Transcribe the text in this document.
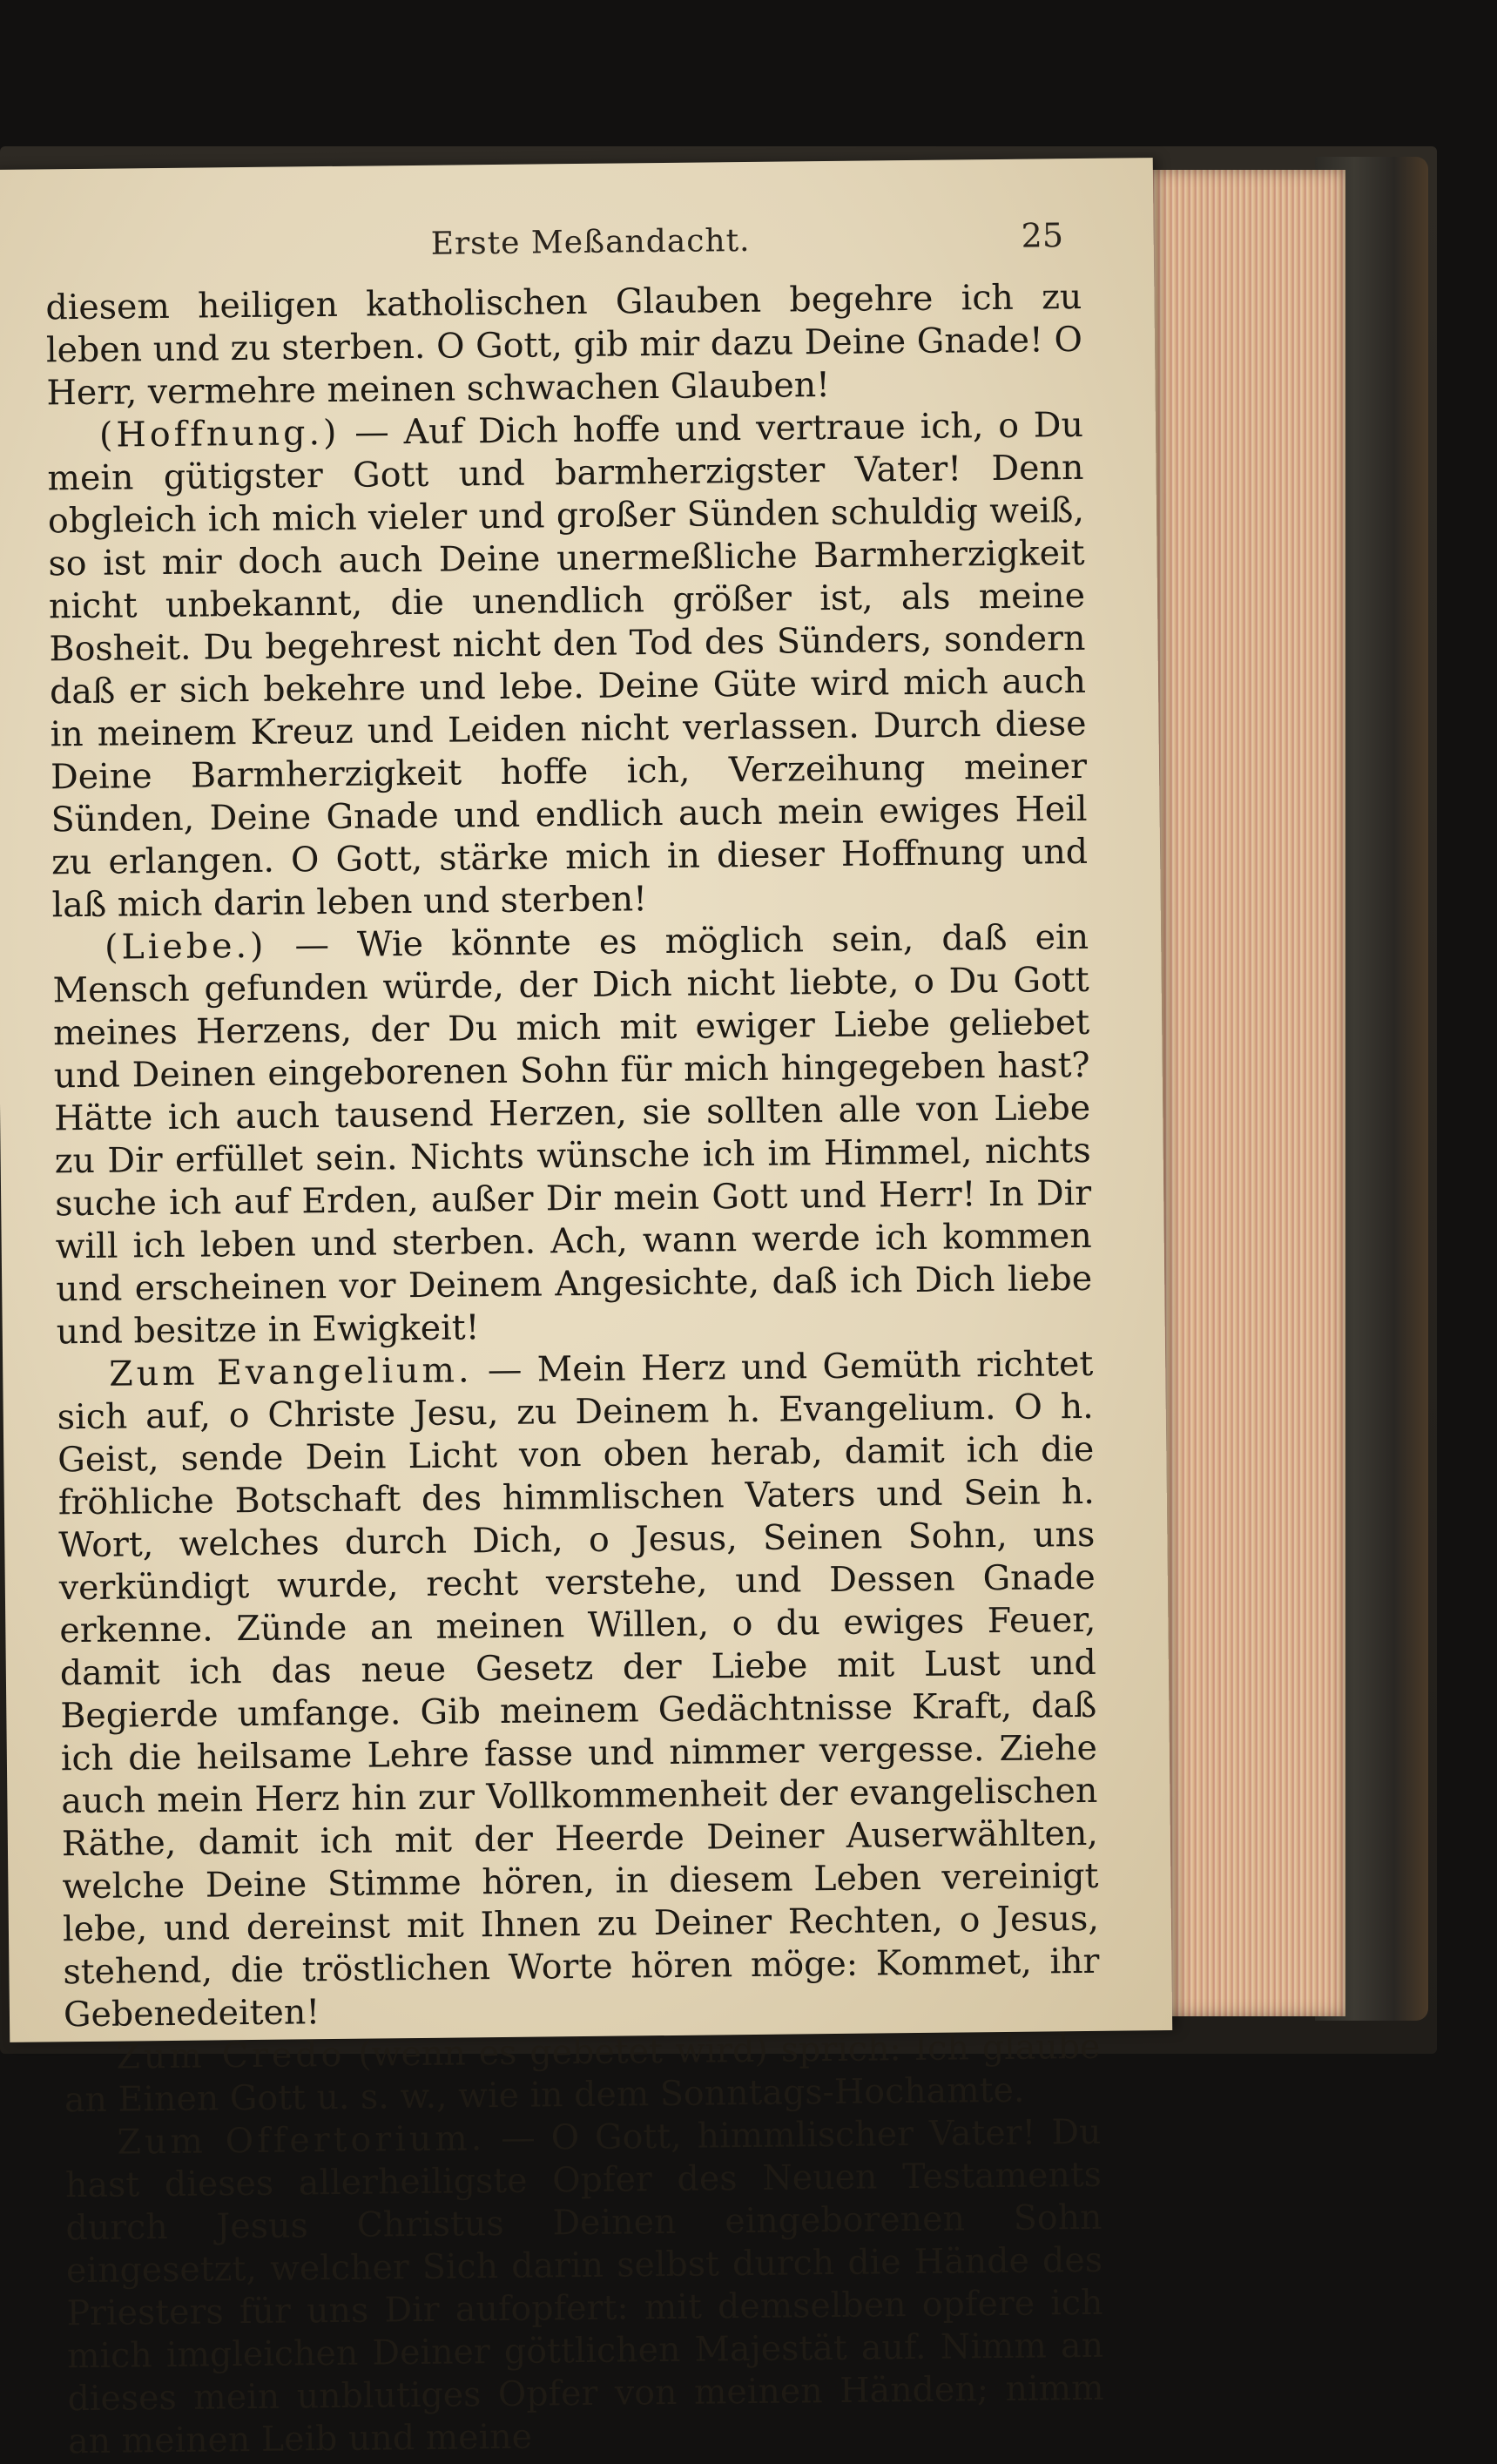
Erste Meßandacht.	25

diesem heiligen katholischen Glauben begehre ich zu leben und zu sterben. O Gott, gib mir dazu Deine Gnade! O Herr, vermehre meinen schwachen Glauben!

(Hoffnung.) — Auf Dich hoffe und vertraue ich, o Du mein gütigster Gott und barmherzigster Vater! Denn obgleich ich mich vieler und großer Sünden schuldig weiß, so ist mir doch auch Deine unermeßliche Barmherzigkeit nicht unbekannt, die unendlich größer ist, als meine Bosheit. Du begehrest nicht den Tod des Sünders, sondern daß er sich bekehre und lebe. Deine Güte wird mich auch in meinem Kreuz und Leiden nicht verlassen. Durch diese Deine Barmherzigkeit hoffe ich, Verzeihung meiner Sünden, Deine Gnade und endlich auch mein ewiges Heil zu erlangen. O Gott, stärke mich in dieser Hoffnung und laß mich darin leben und sterben!

(Liebe.) — Wie könnte es möglich sein, daß ein Mensch gefunden würde, der Dich nicht liebte, o Du Gott meines Herzens, der Du mich mit ewiger Liebe geliebet und Deinen eingeborenen Sohn für mich hingegeben hast? Hätte ich auch tausend Herzen, sie sollten alle von Liebe zu Dir erfüllet sein. Nichts wünsche ich im Himmel, nichts suche ich auf Erden, außer Dir mein Gott und Herr! In Dir will ich leben und sterben. Ach, wann werde ich kommen und erscheinen vor Deinem Angesichte, daß ich Dich liebe und besitze in Ewigkeit!

Zum Evangelium. — Mein Herz und Gemüth richtet sich auf, o Christe Jesu, zu Deinem h. Evangelium. O h. Geist, sende Dein Licht von oben herab, damit ich die fröhliche Botschaft des himmlischen Vaters und Sein h. Wort, welches durch Dich, o Jesus, Seinen Sohn, uns verkündigt wurde, recht verstehe, und Dessen Gnade erkenne. Zünde an meinen Willen, o du ewiges Feuer, damit ich das neue Gesetz der Liebe mit Lust und Begierde umfange. Gib meinem Gedächtnisse Kraft, daß ich die heilsame Lehre fasse und nimmer vergesse. Ziehe auch mein Herz hin zur Vollkommenheit der evangelischen Räthe, damit ich mit der Heerde Deiner Auserwählten, welche Deine Stimme hören, in diesem Leben vereinigt lebe, und dereinst mit Ihnen zu Deiner Rechten, o Jesus, stehend, die tröstlichen Worte hören möge: Kommet, ihr Gebenedeiten!

Zum Credo (wenn es gebetet wird) sprich: Ich glaube an Einen Gott u. s. w., wie in dem Sonntags-Hochamte.

Zum Offertorium. — O Gott, himmlischer Vater! Du hast dieses allerheiligste Opfer des Neuen Testaments durch Jesus Christus Deinen eingeborenen Sohn eingesetzt, welcher Sich darin selbst durch die Hände des Priesters für uns Dir aufopfert: mit demselben opfere ich mich imgleichen Deiner göttlichen Majestät auf. Nimm an dieses mein unblutiges Opfer von meinen Händen; nimm an meinen Leib und meine
